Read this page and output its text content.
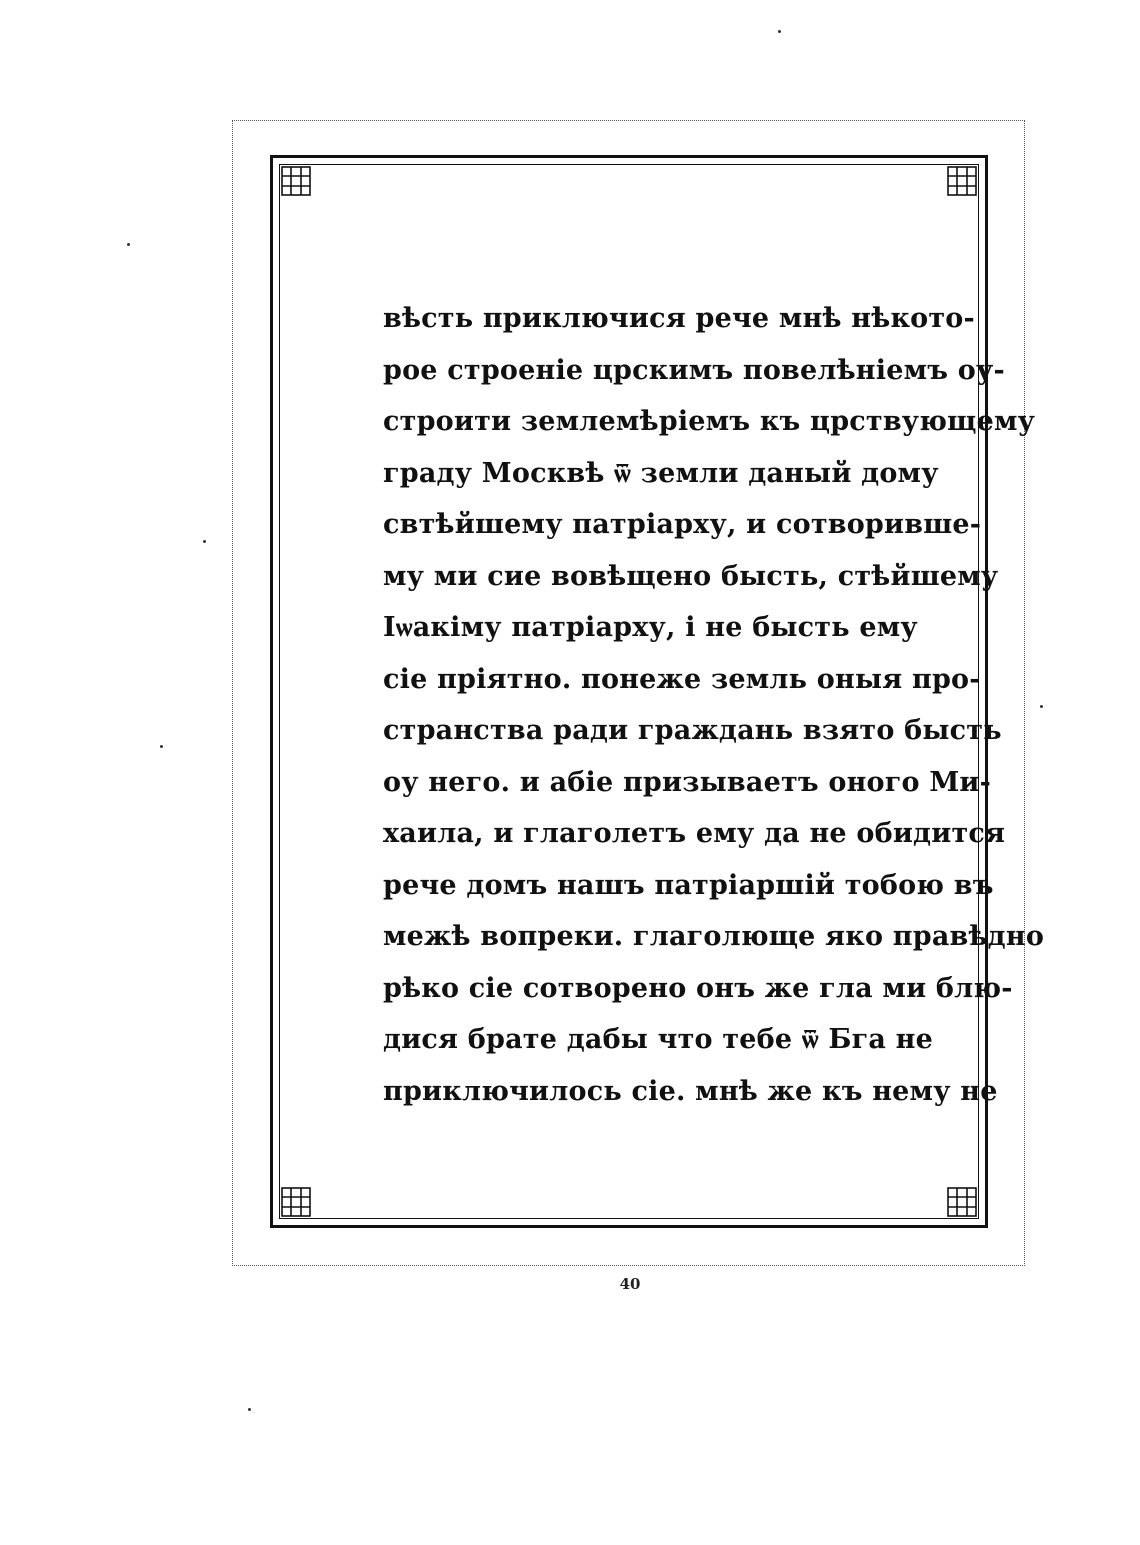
вѣсть приключися рече мнѣ нѣкото-
рое строеніе црскимъ повелѣніемъ оу-
строити землемѣріемъ къ црствующему
граду Москвѣ ѿ земли даный дому
свтѣйшему патріарху, и сотворивше-
му ми сие вовѣщено бысть, стѣйшему
Іѡакіму патріарху, і не бысть ему
сіе пріятно. понеже земль оныя про-
странства ради граждань взято бысть
оу него. и абіе призываетъ оного Ми-
хаила, и глаголетъ ему да не обидится
рече домъ нашъ патріаршій тобою въ
межѣ вопреки. глаголюще яко правѣдно
рѣко сіе сотворено онъ же гла ми блю-
дися брате дабы что тебе ѿ Бга не
приключилось сіе. мнѣ же къ нему не
40
